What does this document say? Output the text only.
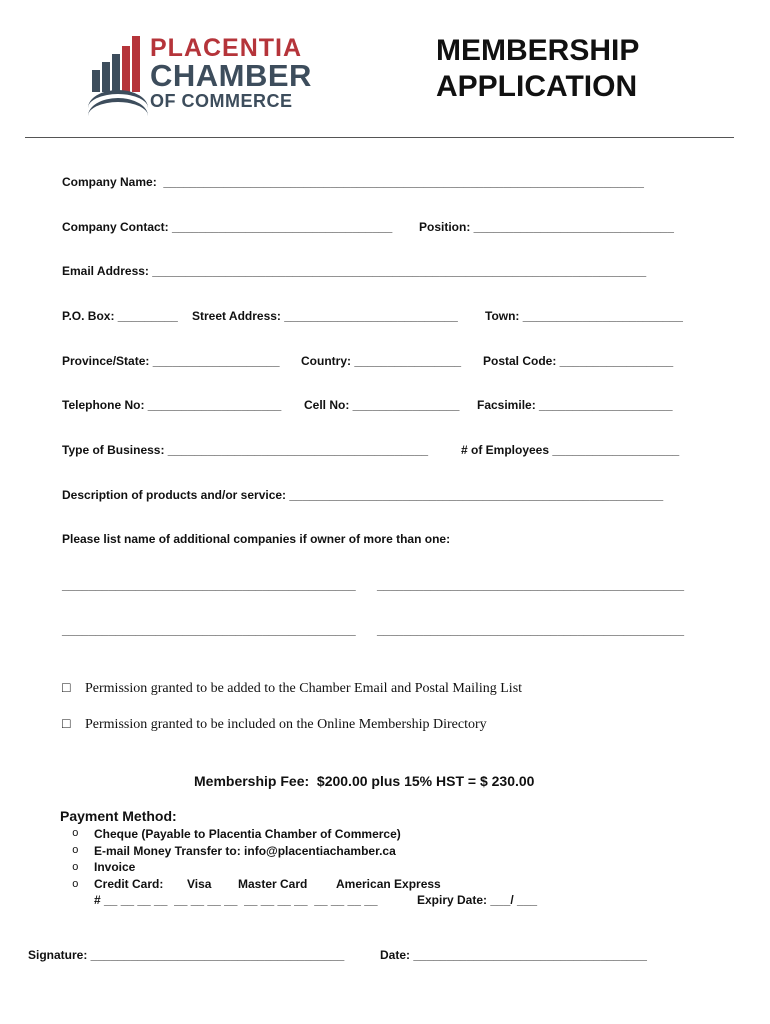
PLACENTIA
CHAMBER
OF COMMERCE
MEMBERSHIP
APPLICATION
Company Name:  ________________________________________________________________________
Company Contact: _________________________________ Position: ______________________________
Email Address: __________________________________________________________________________
P.O. Box: _________ Street Address: __________________________ Town: ________________________
Province/State: ___________________ Country: ________________ Postal Code: _________________
Telephone No: ____________________ Cell No: ________________ Facsimile: ____________________
Type of Business: _______________________________________	# of Employees ___________________
Description of products and/or service: ________________________________________________________
Please list name of additional companies if owner of more than one:
____________________________________________ ______________________________________________
____________________________________________ ______________________________________________
□ Permission granted to be added to the Chamber Email and Postal Mailing List
□ Permission granted to be included on the Online Membership Directory
Membership Fee:  $200.00 plus 15% HST = $ 230.00
Payment Method:
o Cheque (Payable to Placentia Chamber of Commerce)
o E-mail Money Transfer to: info@placentiachamber.ca
o Invoice
o Credit Card: Visa Master Card American Express
# __ __ __ __  __ __ __ __  __ __ __ __  __ __ __ __	Expiry Date: ___/ ___
Signature: ______________________________________	Date: ___________________________________
